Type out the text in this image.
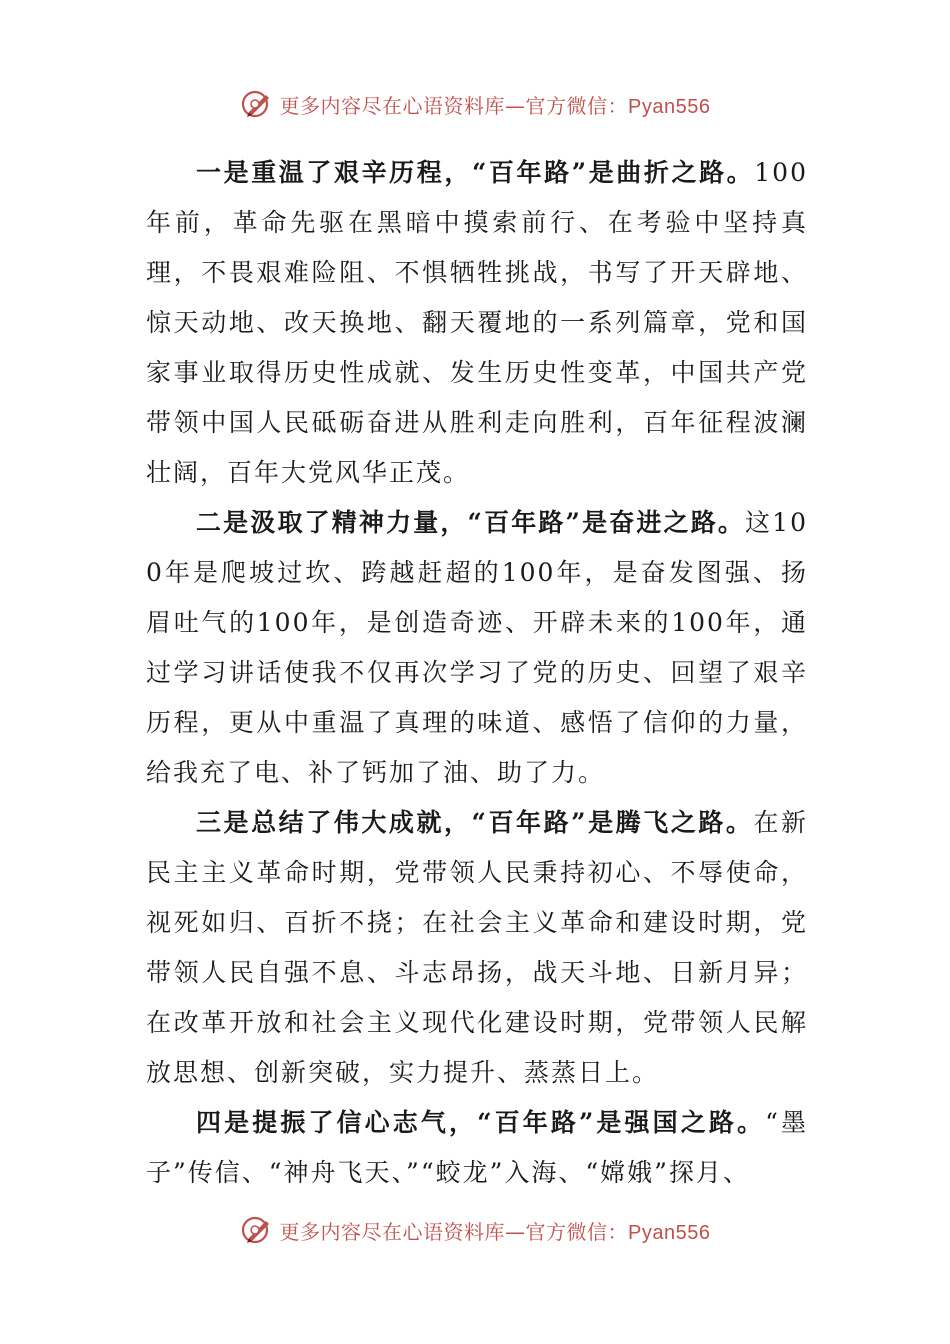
更多内容尽在心语资料库—官方微信：Pyan556

一是重温了艰辛历程，“百年路”是曲折之路。100年前，革命先驱在黑暗中摸索前行、在考验中坚持真理，不畏艰难险阻、不惧牺牲挑战，书写了开天辟地、惊天动地、改天换地、翻天覆地的一系列篇章，党和国家事业取得历史性成就、发生历史性变革，中国共产党带领中国人民砥砺奋进从胜利走向胜利，百年征程波澜壮阔，百年大党风华正茂。

二是汲取了精神力量，“百年路”是奋进之路。这100年是爬坡过坎、跨越赶超的100年，是奋发图强、扬眉吐气的100年，是创造奇迹、开辟未来的100年，通过学习讲话使我不仅再次学习了党的历史、回望了艰辛历程，更从中重温了真理的味道、感悟了信仰的力量，给我充了电、补了钙加了油、助了力。

三是总结了伟大成就，“百年路”是腾飞之路。在新民主主义革命时期，党带领人民秉持初心、不辱使命，视死如归、百折不挠；在社会主义革命和建设时期，党带领人民自强不息、斗志昂扬，战天斗地、日新月异；在改革开放和社会主义现代化建设时期，党带领人民解放思想、创新突破，实力提升、蒸蒸日上。

四是提振了信心志气，“百年路”是强国之路。“墨子”传信、“神舟飞天、”“蛟龙”入海、“嫦娥”探月、

更多内容尽在心语资料库—官方微信：Pyan556
